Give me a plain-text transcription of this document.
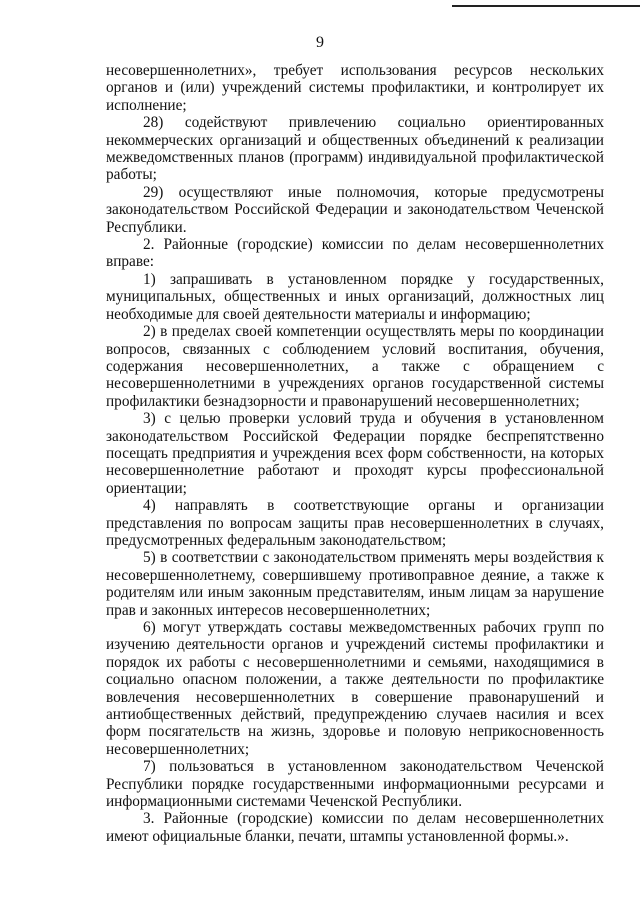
9

несовершеннолетних», требует использования ресурсов нескольких органов и (или) учреждений системы профилактики, и контролирует их исполнение;

28) содействуют привлечению социально ориентированных некоммерческих организаций и общественных объединений к реализации межведомственных планов (программ) индивидуальной профилактической работы;

29) осуществляют иные полномочия, которые предусмотрены законодательством Российской Федерации и законодательством Чеченской Республики.

2. Районные (городские) комиссии по делам несовершеннолетних вправе:

1) запрашивать в установленном порядке у государственных, муниципальных, общественных и иных организаций, должностных лиц необходимые для своей деятельности материалы и информацию;

2) в пределах своей компетенции осуществлять меры по координации вопросов, связанных с соблюдением условий воспитания, обучения, содержания несовершеннолетних, а также с обращением с несовершеннолетними в учреждениях органов государственной системы профилактики безнадзорности и правонарушений несовершеннолетних;

3) с целью проверки условий труда и обучения в установленном законодательством Российской Федерации порядке беспрепятственно посещать предприятия и учреждения всех форм собственности, на которых несовершеннолетние работают и проходят курсы профессиональной ориентации;

4) направлять в соответствующие органы и организации представления по вопросам защиты прав несовершеннолетних в случаях, предусмотренных федеральным законодательством;

5) в соответствии с законодательством применять меры воздействия к несовершеннолетнему, совершившему противоправное деяние, а также к родителям или иным законным представителям, иным лицам за нарушение прав и законных интересов несовершеннолетних;

6) могут утверждать составы межведомственных рабочих групп по изучению деятельности органов и учреждений системы профилактики и порядок их работы с несовершеннолетними и семьями, находящимися в социально опасном положении, а также деятельности по профилактике вовлечения несовершеннолетних в совершение правонарушений и антиобщественных действий, предупреждению случаев насилия и всех форм посягательств на жизнь, здоровье и половую неприкосновенность несовершеннолетних;

7) пользоваться в установленном законодательством Чеченской Республики порядке государственными информационными ресурсами и информационными системами Чеченской Республики.

3. Районные (городские) комиссии по делам несовершеннолетних имеют официальные бланки, печати, штампы установленной формы.».
